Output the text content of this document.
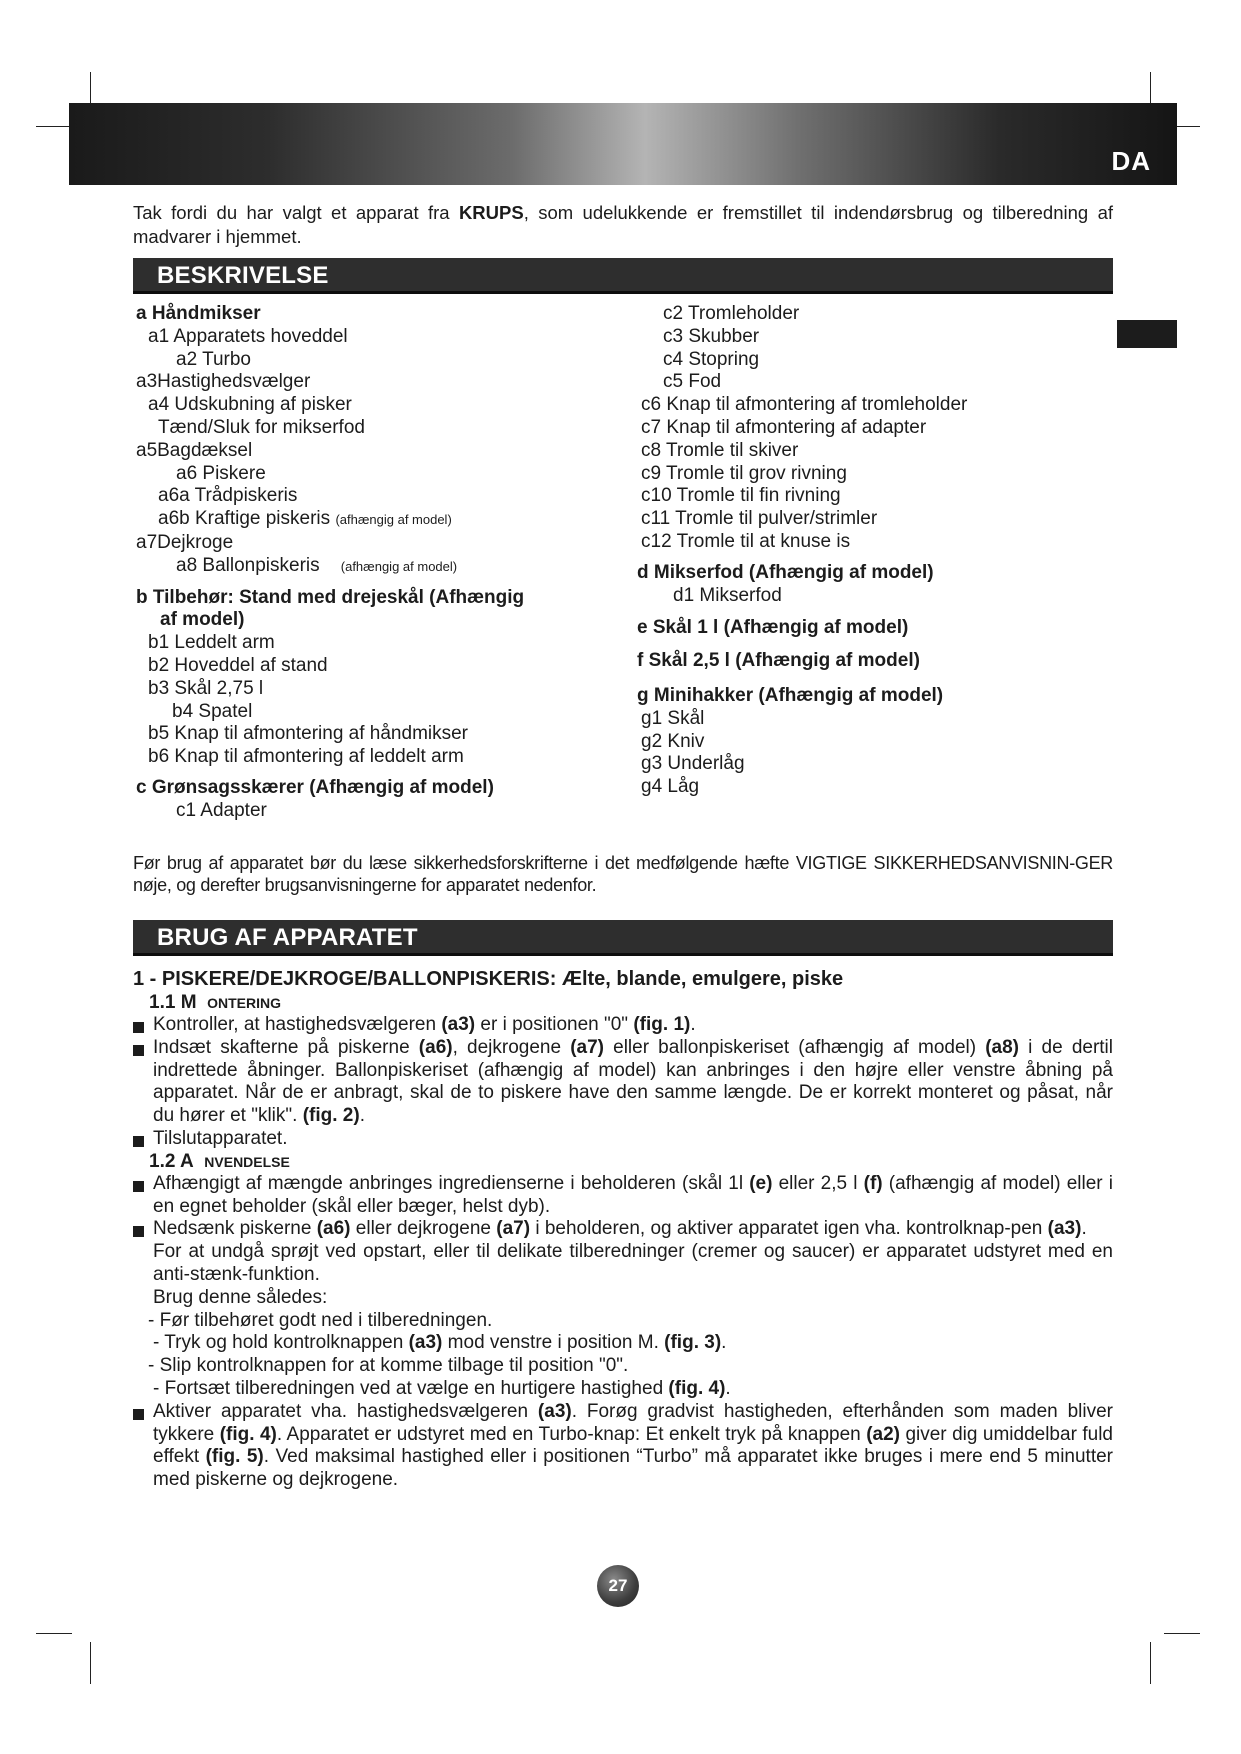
DA
Tak fordi du har valgt et apparat fra KRUPS, som udelukkende er fremstillet til indendørsbrug og tilberedning af madvarer i hjemmet.
BESKRIVELSE
a Håndmikser
a1 Apparatets hoveddel
a2 Turbo
a3Hastighedsvælger
a4 Udskubning af pisker
Tænd/Sluk for mikserfod
a5Bagdæksel
a6 Piskere
a6a Trådpiskeris
a6b Kraftige piskeris (afhængig af model)
a7Dejkroge
a8 Ballonpiskeris (afhængig af model)
b Tilbehør: Stand med drejeskål (Afhængig
af model)
b1 Leddelt arm
b2 Hoveddel af stand
b3 Skål 2,75 l
b4 Spatel
b5 Knap til afmontering af håndmikser
b6 Knap til afmontering af leddelt arm
c Grønsagsskærer (Afhængig af model)
c1 Adapter
c2 Tromleholder
c3 Skubber
c4 Stopring
c5 Fod
c6 Knap til afmontering af tromleholder
c7 Knap til afmontering af adapter
c8 Tromle til skiver
c9 Tromle til grov rivning
c10 Tromle til fin rivning
c11 Tromle til pulver/strimler
c12 Tromle til at knuse is
d Mikserfod (Afhængig af model)
d1 Mikserfod
e Skål 1 l (Afhængig af model)
f Skål 2,5 l (Afhængig af model)
g Minihakker (Afhængig af model)
g1 Skål
g2 Kniv
g3 Underlåg
g4 Låg
Før brug af apparatet bør du læse sikkerhedsforskrifterne i det medfølgende hæfte VIGTIGE SIKKERHEDSANVISNIN-GER nøje, og derefter brugsanvisningerne for apparatet nedenfor.
BRUG AF APPARATET
1 - PISKERE/DEJKROGE/BALLONPISKERIS: Ælte, blande, emulgere, piske
1.1 M ONTERING
Kontroller, at hastighedsvælgeren (a3) er i positionen "0" (fig. 1).
Indsæt skafterne på piskerne (a6), dejkrogene (a7) eller ballonpiskeriset (afhængig af model) (a8) i de dertil indrettede åbninger. Ballonpiskeriset (afhængig af model) kan anbringes i den højre eller venstre åbning på apparatet. Når de er anbragt, skal de to piskere have den samme længde. De er korrekt monteret og påsat, når du hører et "klik". (fig. 2).
Tilslutapparatet.
1.2 A NVENDELSE
Afhængigt af mængde anbringes ingredienserne i beholderen (skål 1l (e) eller 2,5 l (f) (afhængig af model) eller i en egnet beholder (skål eller bæger, helst dyb).
Nedsænk piskerne (a6) eller dejkrogene (a7) i beholderen, og aktiver apparatet igen vha. kontrolknap-pen (a3).
For at undgå sprøjt ved opstart, eller til delikate tilberedninger (cremer og saucer) er apparatet udstyret med en anti-stænk-funktion.
Brug denne således:
- Før tilbehøret godt ned i tilberedningen.
- Tryk og hold kontrolknappen (a3) mod venstre i position M. (fig. 3).
- Slip kontrolknappen for at komme tilbage til position "0".
- Fortsæt tilberedningen ved at vælge en hurtigere hastighed (fig. 4).
Aktiver apparatet vha. hastighedsvælgeren (a3). Forøg gradvist hastigheden, efterhånden som maden bliver tykkere (fig. 4). Apparatet er udstyret med en Turbo-knap: Et enkelt tryk på knappen (a2) giver dig umiddelbar fuld effekt (fig. 5). Ved maksimal hastighed eller i positionen “Turbo” må apparatet ikke bruges i mere end 5 minutter med piskerne og dejkrogene.
27
